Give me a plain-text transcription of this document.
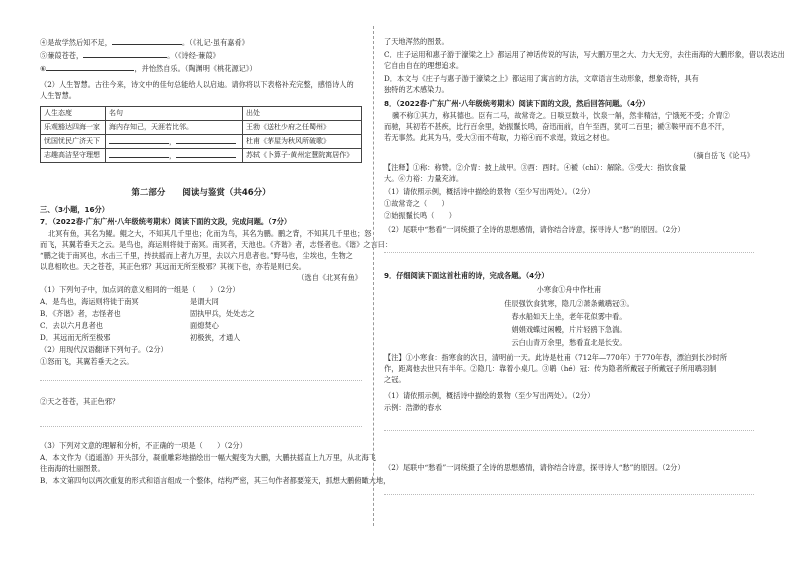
④是故学然后知不足，	。（《礼记·虽有嘉肴》
⑤蒹葭苍苍，	。（《诗经·蒹葭》
⑥	，并怡然自乐。（陶渊明《桃花源记》）
（2）人生智慧。古往今来，诗文中的佳句总能给人以启迪。请你将以下表格补充完整，感悟诗人的
人生智慧。
人生态度	名句	出处
乐观豁达四海一家	海内存知己，天涯若比邻。	王勃《送杜少府之任蜀州》
忧国忧民广济天下	，	杜甫《茅屋为秋风所破歌》
志趣高洁坚守理想	，	苏轼《卜算子·黄州定慧院寓居作》
第二部分　　阅读与鉴赏（共46分）
三、（3小题，16分）
7．（2022春·广东广州·八年级统考期末）阅读下面的文段，完成问题。（7分）
北冥有鱼，其名为鲲。鲲之大，不知其几千里也；化而为鸟，其名为鹏。鹏之背，不知其几千里也；怒
而飞，其翼若垂天之云。是鸟也，海运则将徙于南冥。南冥者，天池也。《齐谐》者，志怪者也。《谐》之言曰：
“鹏之徙于南冥也，水击三千里，抟扶摇而上者九万里，去以六月息者也。”野马也，尘埃也，生物之
以息相吹也。天之苍苍，其正色邪？其远而无所至极邪？其视下也，亦若是则已矣。
（选自《北冥有鱼》
（1）下列句子中，加点词的意义相同的一组是（　　）（2分）
A．是鸟也，海运则将徙于南冥	是谓大同
B．《齐谐》者，志怪者也	固执甲兵，处处志之
C．去以六月息者也	面熄焚心
D．其远而无所至极邪	初极狭，才通人
（2）用现代汉语翻译下列句子。（2分）
①怒而飞，其翼若垂天之云。
②天之苍苍，其正色邪？
（3）下列对文意的理解和分析，不正确的一项是（　　）（2分）
A．本文作为《逍遥游》开头部分，凝重雕彩地描绘出一幅大鲲变为大鹏，大鹏扶摇直上九万里，从北海飞
往南海的壮丽图景。
B．本文第四句以两次重复的形式和语言组成一个整体，结构严密，其三句作者都要笼天，抓想大鹏俯瞰大地，
了天地浑然的图景。
C．庄子运用和惠子游于濠梁之上》都运用了神话传说的写法，写大鹏万里之大、力大无穷，去往南海的大鹏形象，借以表达出
它自由自在的理想追求。
D．本文与《庄子与惠子游于濠梁之上》都运用了寓言的方法，文章语言生动形象，想象奇特，具有
独特的艺术感染力。
8．（2022春·广东广州·八年级统考期末）阅读下面的文段，然后回答问题。（4分）
骥不称①其力，称其德也。臣有二马，故常奇之。日啖豆数斗，饮泉一斛，然非精洁，宁饿死不受；介胄②
而驰，其初若不甚疾，比行百余里，始振鬣长鸣，奋迅而前，自午至酉，犹可二百里；褫③鞍甲而不息不汗，
若无事然。此其为马，受大③而不苟取，力裕④而不求逞，致远之材也。
（摘自岳飞《论马》
【注释】①称：称赞。②介胄：披上战甲。③酉：酉时。④褫（chǐ）：解除。⑤受大：指饮食量
大。⑥力裕：力量充沛。
（1）请依照示例，概括诗中描绘的景物（至少写出两处）。（2分）
①故常奇之（　　）
②始振鬣长鸣（　　）
（2）尾联中“愁看”一词统摄了全诗的思想感情，请你结合诗意，探寻诗人“愁”的原因。（2分）
9．仔细阅读下面这首杜甫的诗，完成各题。（4分）
小寒食①舟中作杜甫
佳辰强饮食犹寒，隐几②萧条戴鹖冠③。
春水船如天上坐，老年花似雾中看。
娟娟戏蝶过闲幔，片片轻鸥下急湍。
云白山青万余里，愁看直北是长安。
【注】①小寒食：指寒食的次日，清明前一天。此诗是杜甫（712年—770年）于770年春，漂泊到长沙时所
作，距离他去世只有半年。②隐几：靠着小桌几。③鹖（hé）冠：传为隐者所戴冠子所戴冠子所用鹖羽制
之冠。
（1）请依照示例，概括诗中描绘的景物（至少写出两处）。（2分）
示例：浩渺的春水
（2）尾联中“愁看”一词统摄了全诗的思想感情，请你结合诗意，探寻诗人“愁”的原因。（2分）
